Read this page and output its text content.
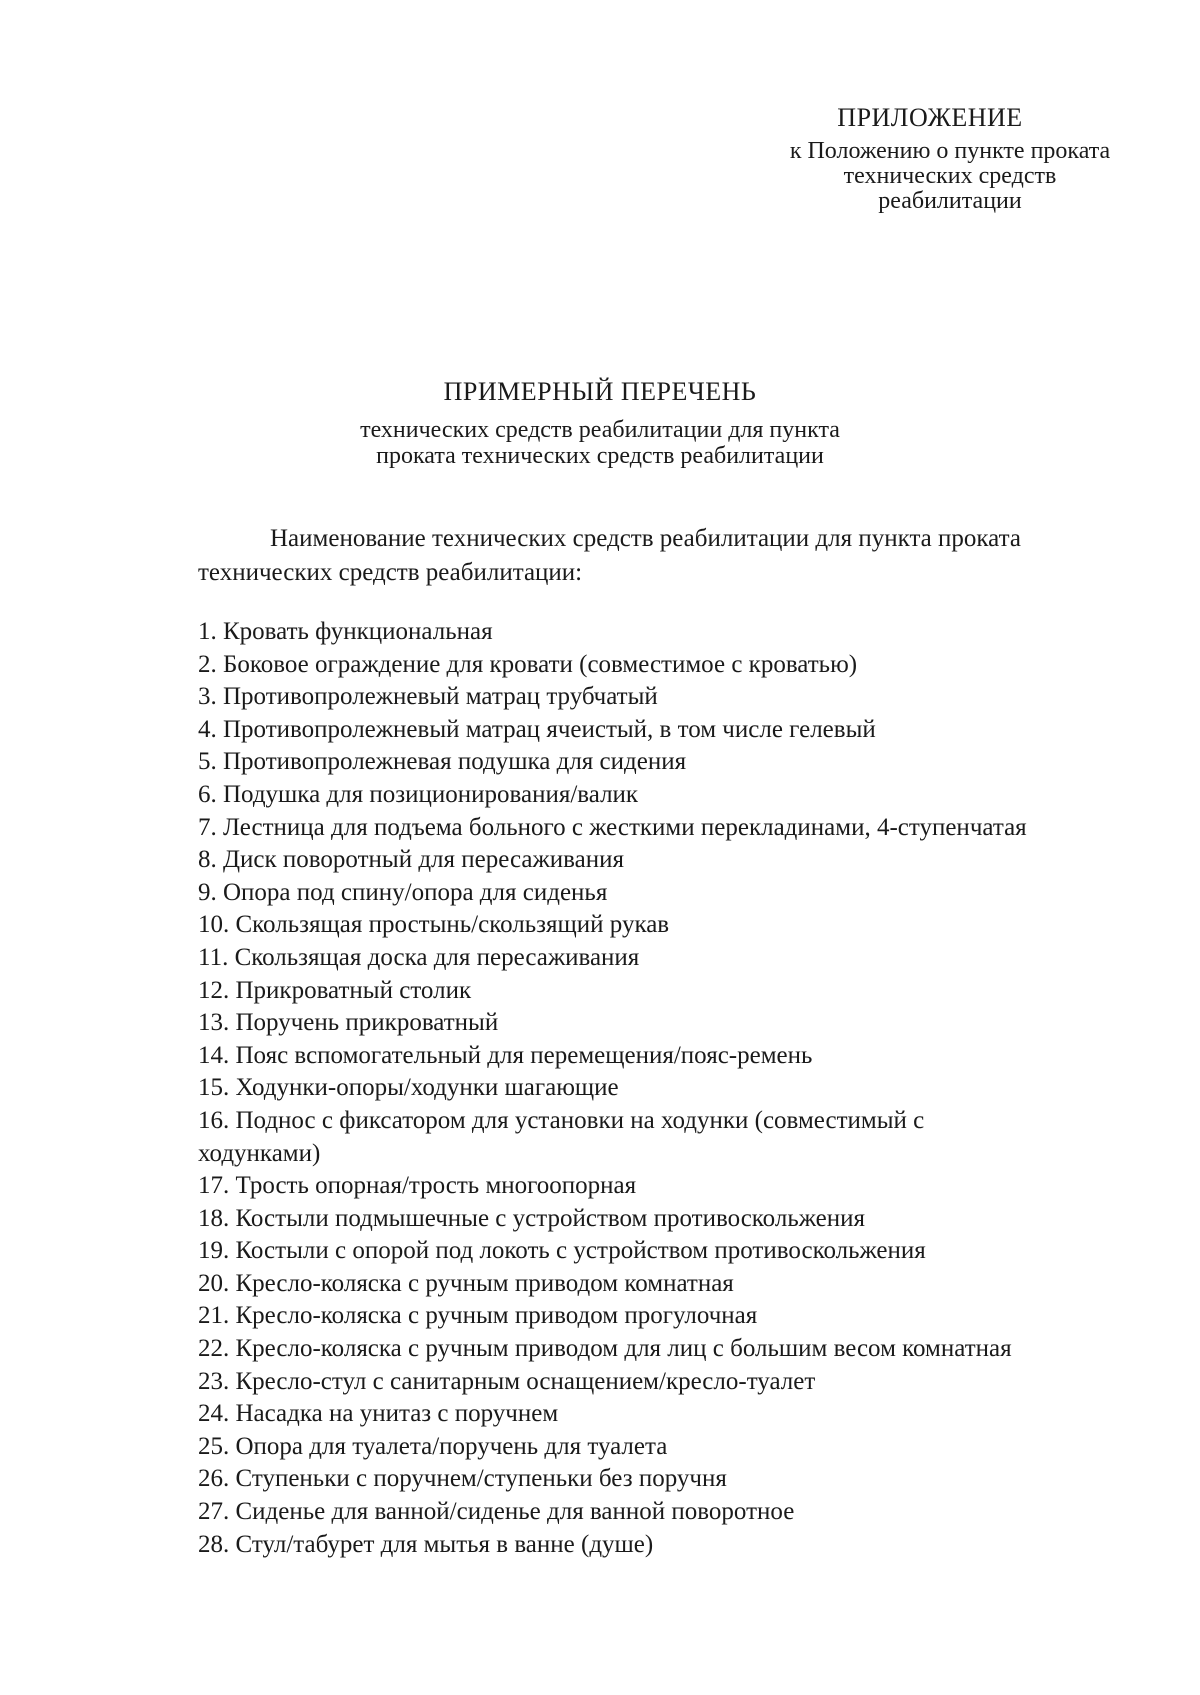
ПРИЛОЖЕНИЕ
к Положению о пункте проката
технических средств
реабилитации
ПРИМЕРНЫЙ ПЕРЕЧЕНЬ
технических средств реабилитации для пункта
проката технических средств реабилитации

Наименование технических средств реабилитации для пункта проката технических средств реабилитации:

1. Кровать функциональная
2. Боковое ограждение для кровати (совместимое с кроватью)
3. Противопролежневый матрац трубчатый
4. Противопролежневый матрац ячеистый, в том числе гелевый
5. Противопролежневая подушка для сидения
6. Подушка для позиционирования/валик
7. Лестница для подъема больного с жесткими перекладинами, 4-ступенчатая
8. Диск поворотный для пересаживания
9. Опора под спину/опора для сиденья
10. Скользящая простынь/скользящий рукав
11. Скользящая доска для пересаживания
12. Прикроватный столик
13. Поручень прикроватный
14. Пояс вспомогательный для перемещения/пояс-ремень
15. Ходунки-опоры/ходунки шагающие
16. Поднос с фиксатором для установки на ходунки (совместимый с ходунками)
17. Трость опорная/трость многоопорная
18. Костыли подмышечные с устройством противоскольжения
19. Костыли с опорой под локоть с устройством противоскольжения
20. Кресло-коляска с ручным приводом комнатная
21. Кресло-коляска с ручным приводом прогулочная
22. Кресло-коляска с ручным приводом для лиц с большим весом комнатная
23. Кресло-стул с санитарным оснащением/кресло-туалет
24. Насадка на унитаз с поручнем
25. Опора для туалета/поручень для туалета
26. Ступеньки с поручнем/ступеньки без поручня
27. Сиденье для ванной/сиденье для ванной поворотное
28. Стул/табурет для мытья в ванне (душе)
